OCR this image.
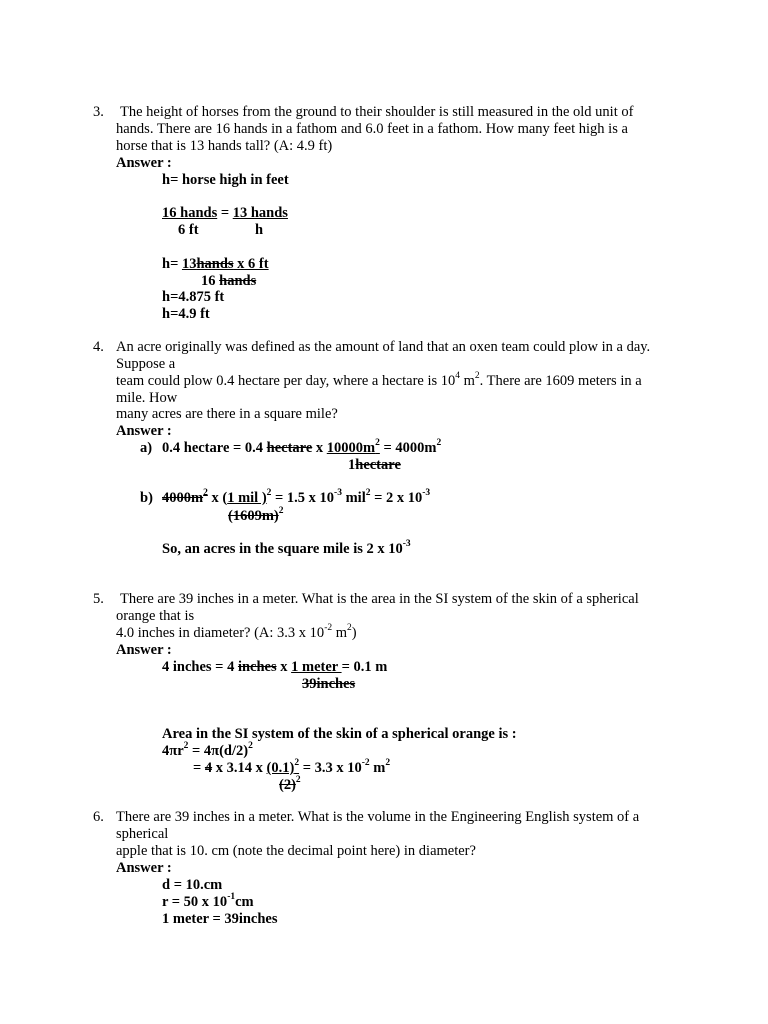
3. The height of horses from the ground to their shoulder is still measured in the old unit of
hands. There are 16 hands in a fathom and 6.0 feet in a fathom. How many feet high is a
horse that is 13 hands tall? (A: 4.9 ft)
Answer :
h= horse high in feet
16 hands = 13 hands
6 ft	h
h= 13hands x 6 ft
16 hands
h=4.875 ft
h=4.9 ft
4. An acre originally was defined as the amount of land that an oxen team could plow in a day.
Suppose a
team could plow 0.4 hectare per day, where a hectare is $10^4$ $m^2$. There are 1609 meters in a
mile. How
many acres are there in a square mile?
Answer :
a) 0.4 hectare = 0.4 hectare x $10000m^2 = 4000m^2$
1hectare
b) $4000m^2$ x (1 mil )$^2$ = 1.5 x $10^{-3}$ mil$^2$ = 2 x $10^{-3}$
$(1609m)^2$
So, an acres in the square mile is 2 x $10^{-3}$
5. There are 39 inches in a meter. What is the area in the SI system of the skin of a spherical
orange that is
4.0 inches in diameter? (A: 3.3 x $10^{-2}$ $m^2$)
Answer :
4 inches = 4 inches x 1 meter = 0.1 m
39inches
Area in the SI system of the skin of a spherical orange is :
$4\pi r^2 = 4\pi(d/2)^2$
= 4 x 3.14 x $(0.1)^2 = 3.3$ x $10^{-2}$ $m^2$
$(2)^2$
6. There are 39 inches in a meter. What is the volume in the Engineering English system of a
spherical
apple that is 10. cm (note the decimal point here) in diameter?
Answer :
d = 10.cm
r = 50 x $10^{-1}cm$
1 meter = 39inches
